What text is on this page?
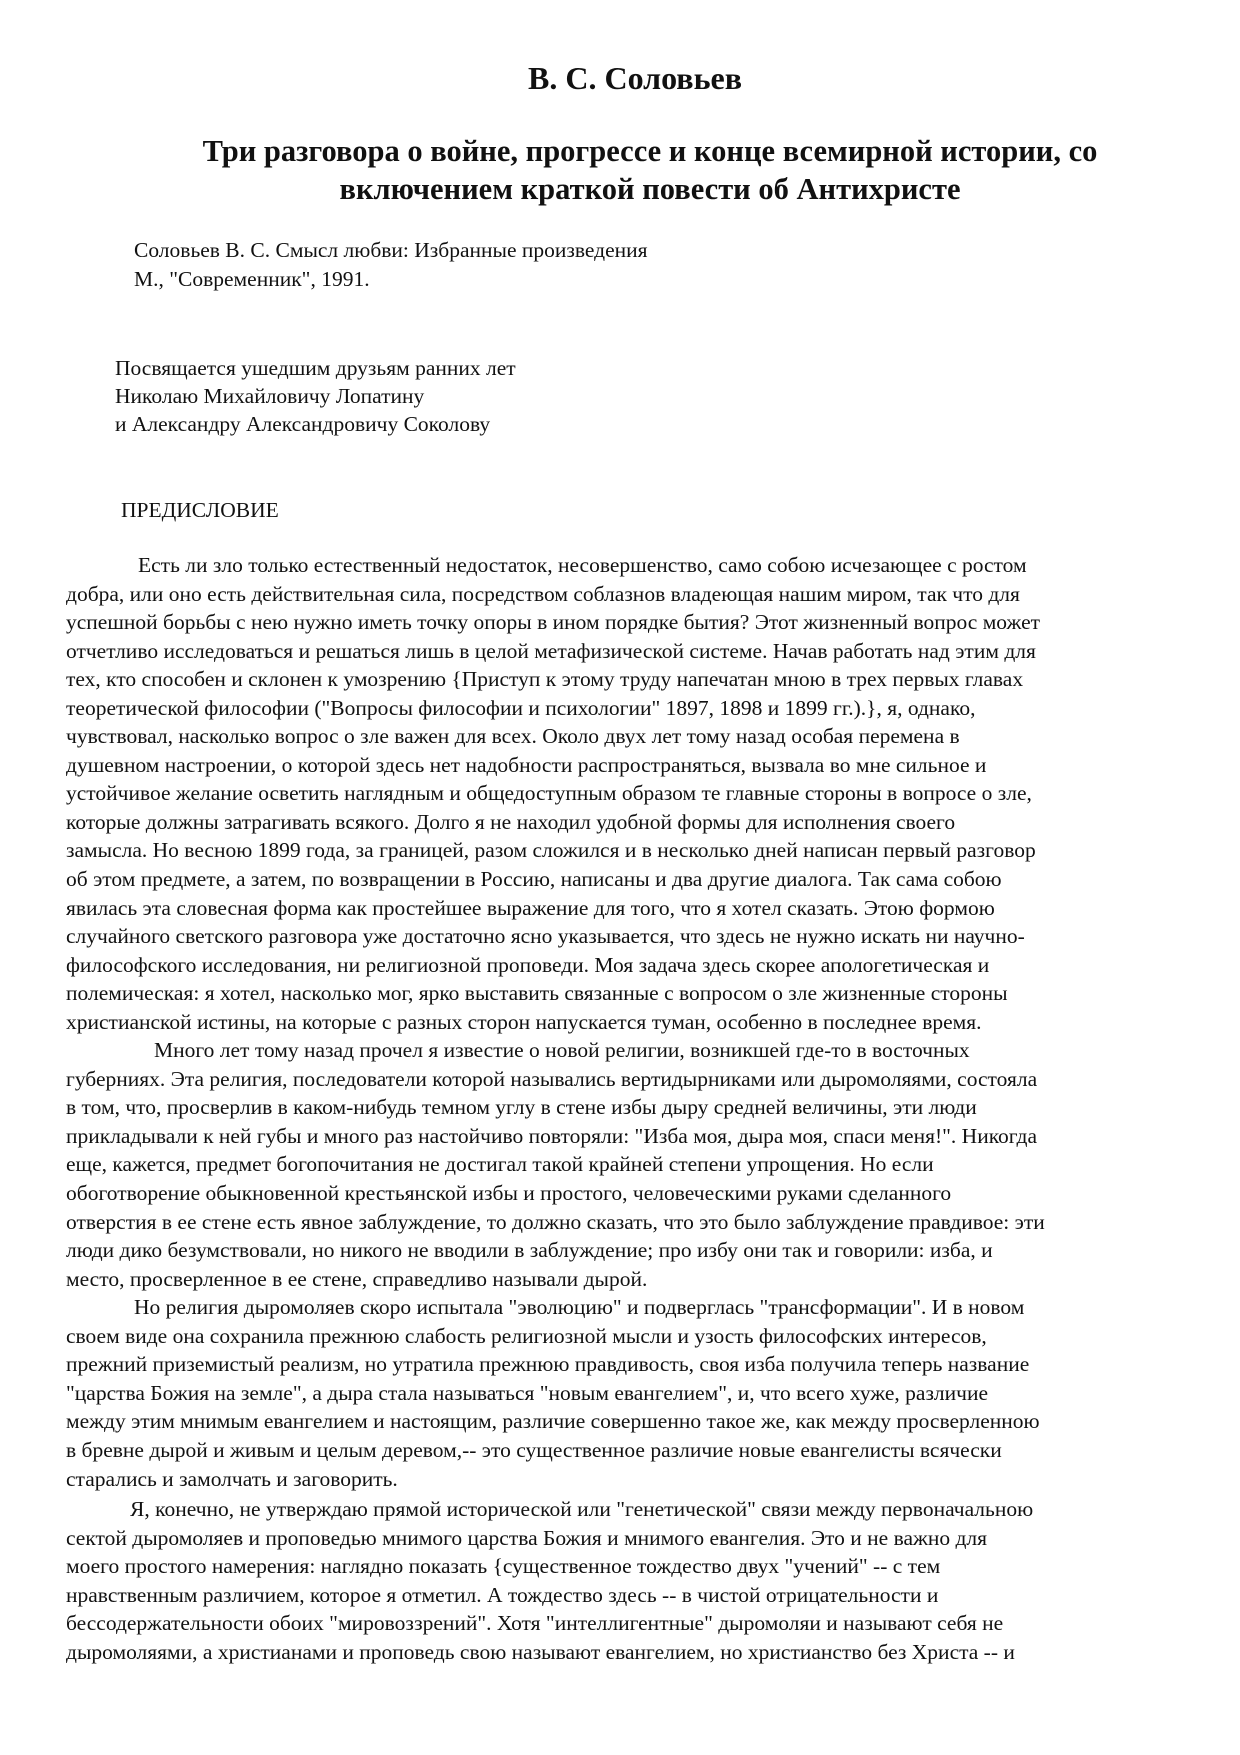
В. С. Соловьев
Три разговора о войне, прогрессе и конце всемирной истории, со
включением краткой повести об Антихристе
Соловьев В. С. Смысл любви: Избранные произведения
М., "Современник", 1991.
Посвящается ушедшим друзьям ранних лет
Николаю Михайловичу Лопатину
и Александру Александровичу Соколову
ПРЕДИСЛОВИЕ
Есть ли зло только естественный недостаток, несовершенство, само собою исчезающее с ростом
добра, или оно есть действительная сила, посредством соблазнов владеющая нашим миром, так что для
успешной борьбы с нею нужно иметь точку опоры в ином порядке бытия? Этот жизненный вопрос может
отчетливо исследоваться и решаться лишь в целой метафизической системе. Начав работать над этим для
тех, кто способен и склонен к умозрению {Приступ к этому труду напечатан мною в трех первых главах
теоретической философии ("Вопросы философии и психологии" 1897, 1898 и 1899 гг.).}, я, однако,
чувствовал, насколько вопрос о зле важен для всех. Около двух лет тому назад особая перемена в
душевном настроении, о которой здесь нет надобности распространяться, вызвала во мне сильное и
устойчивое желание осветить наглядным и общедоступным образом те главные стороны в вопросе о зле,
которые должны затрагивать всякого. Долго я не находил удобной формы для исполнения своего
замысла. Но весною 1899 года, за границей, разом сложился и в несколько дней написан первый разговор
об этом предмете, а затем, по возвращении в Россию, написаны и два другие диалога. Так сама собою
явилась эта словесная форма как простейшее выражение для того, что я хотел сказать. Этою формою
случайного светского разговора уже достаточно ясно указывается, что здесь не нужно искать ни научно-
философского исследования, ни религиозной проповеди. Моя задача здесь скорее апологетическая и
полемическая: я хотел, насколько мог, ярко выставить связанные с вопросом о зле жизненные стороны
христианской истины, на которые с разных сторон напускается туман, особенно в последнее время.
Много лет тому назад прочел я известие о новой религии, возникшей где-то в восточных
губерниях. Эта религия, последователи которой назывались вертидырниками или дыромоляями, состояла
в том, что, просверлив в каком-нибудь темном углу в стене избы дыру средней величины, эти люди
прикладывали к ней губы и много раз настойчиво повторяли: "Изба моя, дыра моя, спаси меня!". Никогда
еще, кажется, предмет богопочитания не достигал такой крайней степени упрощения. Но если
обоготворение обыкновенной крестьянской избы и простого, человеческими руками сделанного
отверстия в ее стене есть явное заблуждение, то должно сказать, что это было заблуждение правдивое: эти
люди дико безумствовали, но никого не вводили в заблуждение; про избу они так и говорили: изба, и
место, просверленное в ее стене, справедливо называли дырой.
Но религия дыромоляев скоро испытала "эволюцию" и подверглась "трансформации". И в новом
своем виде она сохранила прежнюю слабость религиозной мысли и узость философских интересов,
прежний приземистый реализм, но утратила прежнюю правдивость, своя изба получила теперь название
"царства Божия на земле", а дыра стала называться "новым евангелием", и, что всего хуже, различие
между этим мнимым евангелием и настоящим, различие совершенно такое же, как между просверленною
в бревне дырой и живым и целым деревом,-- это существенное различие новые евангелисты всячески
старались и замолчать и заговорить.
Я, конечно, не утверждаю прямой исторической или "генетической" связи между первоначальною
сектой дыромоляев и проповедью мнимого царства Божия и мнимого евангелия. Это и не важно для
моего простого намерения: наглядно показать {существенное тождество двух "учений" -- с тем
нравственным различием, которое я отметил. А тождество здесь -- в чистой отрицательности и
бессодержательности обоих "мировоззрений". Хотя "интеллигентные" дыромоляи и называют себя не
дыромоляями, а христианами и проповедь свою называют евангелием, но христианство без Христа -- и
